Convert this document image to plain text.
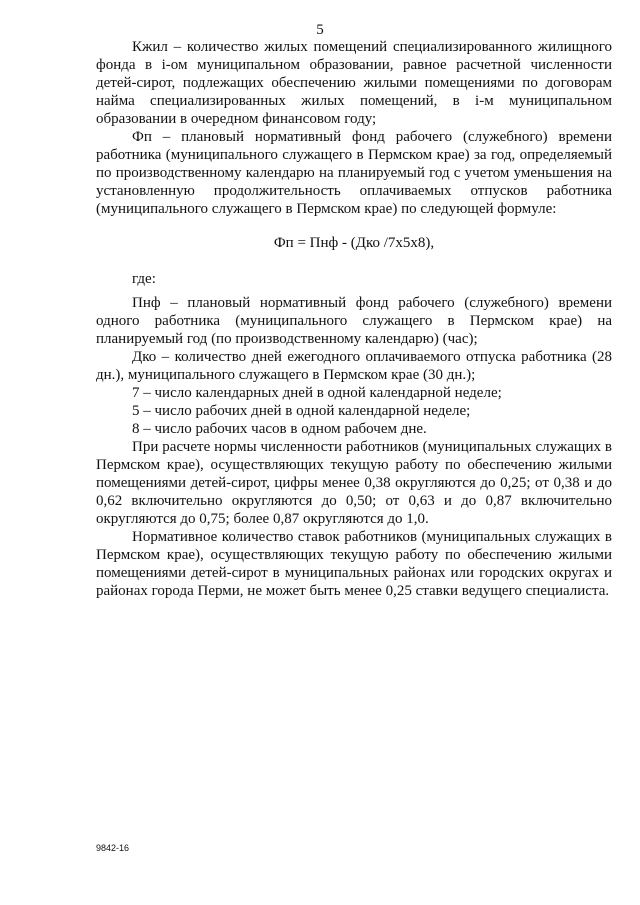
5

Кжил – количество жилых помещений специализированного жилищного фонда в i-ом муниципальном образовании, равное расчетной численности детей-сирот, подлежащих обеспечению жилыми помещениями по договорам найма специализированных жилых помещений, в i-м муниципальном образовании в очередном финансовом году;

Фп – плановый нормативный фонд рабочего (служебного) времени работника (муниципального служащего в Пермском крае) за год, определяемый по производственному календарю на планируемый год с учетом уменьшения на установленную продолжительность оплачиваемых отпусков работника (муниципального служащего в Пермском крае) по следующей формуле:

Фп = Пнф - (Дко /7х5х8),

где:

Пнф – плановый нормативный фонд рабочего (служебного) времени одного работника (муниципального служащего в Пермском крае) на планируемый год (по производственному календарю) (час);

Дко – количество дней ежегодного оплачиваемого отпуска работника (28 дн.), муниципального служащего в Пермском крае (30 дн.);

7 – число календарных дней в одной календарной неделе;

5 – число рабочих дней в одной календарной неделе;

8 – число рабочих часов в одном рабочем дне.

При расчете нормы численности работников (муниципальных служащих в Пермском крае), осуществляющих текущую работу по обеспечению жилыми помещениями детей-сирот, цифры менее 0,38 округляются до 0,25; от 0,38 и до 0,62 включительно округляются до 0,50; от 0,63 и до 0,87 включительно округляются до 0,75; более 0,87 округляются до 1,0.

Нормативное количество ставок работников (муниципальных служащих в Пермском крае), осуществляющих текущую работу по обеспечению жилыми помещениями детей-сирот в муниципальных районах или городских округах и районах города Перми, не может быть менее 0,25 ставки ведущего специалиста.

9842-16
